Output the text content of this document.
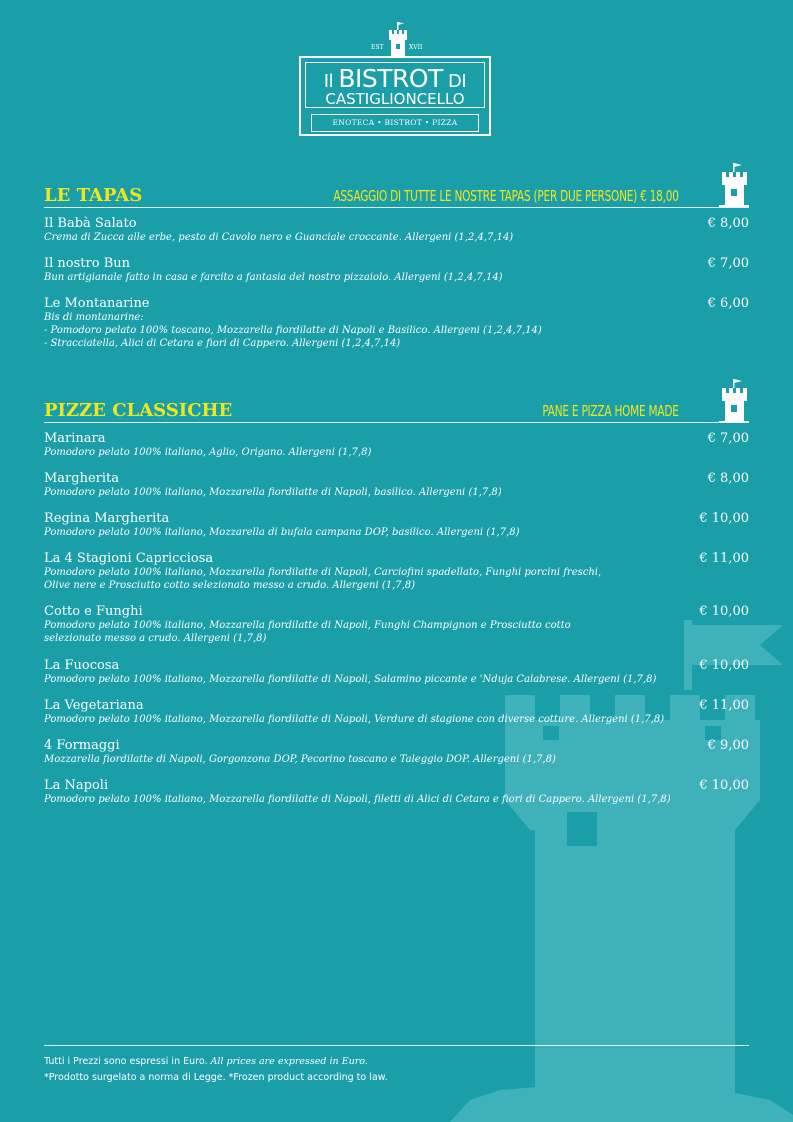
EST	XVII
Il BISTROT DI
CASTIGLIONCELLO
ENOTECA • BISTROT • PIZZA
LE TAPAS	ASSAGGIO DI TUTTE LE NOSTRE TAPAS (PER DUE PERSONE) € 18,00
Il Babà Salato	€ 8,00
Crema di Zucca alle erbe, pesto di Cavolo nero e Guanciale croccante. Allergeni (1,2,4,7,14)
Il nostro Bun	€ 7,00
Bun artigianale fatto in casa e farcito a fantasia del nostro pizzaiolo. Allergeni (1,2,4,7,14)
Le Montanarine	€ 6,00
Bis di montanarine:
- Pomodoro pelato 100% toscano, Mozzarella fiordilatte di Napoli e Basilico. Allergeni (1,2,4,7,14)
- Stracciatella, Alici di Cetara e fiori di Cappero. Allergeni (1,2,4,7,14)
PIZZE CLASSICHE	PANE E PIZZA HOME MADE
Marinara	€ 7,00
Pomodoro pelato 100% italiano, Aglio, Origano. Allergeni (1,7,8)
Margherita	€ 8,00
Pomodoro pelato 100% italiano, Mozzarella fiordilatte di Napoli, basilico. Allergeni (1,7,8)
Regina Margherita	€ 10,00
Pomodoro pelato 100% italiano, Mozzarella di bufala campana DOP, basilico. Allergeni (1,7,8)
La 4 Stagioni Capricciosa	€ 11,00
Pomodoro pelato 100% italiano, Mozzarella fiordilatte di Napoli, Carciofini spadellato, Funghi porcini freschi,
Olive nere e Prosciutto cotto selezionato messo a crudo. Allergeni (1,7,8)
Cotto e Funghi	€ 10,00
Pomodoro pelato 100% italiano, Mozzarella fiordilatte di Napoli, Funghi Champignon e Prosciutto cotto
selezionato messo a crudo. Allergeni (1,7,8)
La Fuocosa	€ 10,00
Pomodoro pelato 100% italiano, Mozzarella fiordilatte di Napoli, Salamino piccante e 'Nduja Calabrese. Allergeni (1,7,8)
La Vegetariana	€ 11,00
Pomodoro pelato 100% italiano, Mozzarella fiordilatte di Napoli, Verdure di stagione con diverse cotture. Allergeni (1,7,8)
4 Formaggi	€ 9,00
Mozzarella fiordilatte di Napoli, Gorgonzona DOP, Pecorino toscano e Taleggio DOP. Allergeni (1,7,8)
La Napoli	€ 10,00
Pomodoro pelato 100% italiano, Mozzarella fiordilatte di Napoli, filetti di Alici di Cetara e fiori di Cappero. Allergeni (1,7,8)
Tutti i Prezzi sono espressi in Euro. All prices are expressed in Euro.
*Prodotto surgelato a norma di Legge. *Frozen product according to law.
